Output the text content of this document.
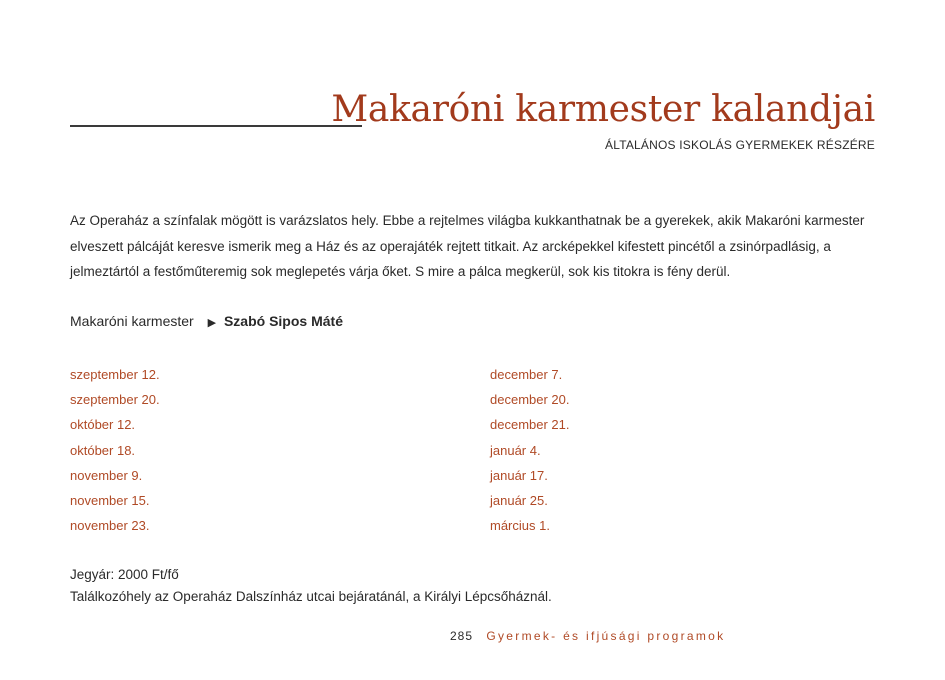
Makaróni karmester kalandjai
ÁLTALÁNOS ISKOLÁS GYERMEKEK RÉSZÉRE

Az Operaház a színfalak mögött is varázslatos hely. Ebbe a rejtelmes világba kukkanthatnak be a gyerekek, akik Makaróni karmester elveszett pálcáját keresve ismerik meg a Ház és az operajáték rejtett titkait. Az arcképekkel kifestett pincétől a zsinórpadlásig, a jelmeztártól a festőműteremig sok meglepetés várja őket. S mire a pálca megkerül, sok kis titokra is fény derül.

Makaróni karmester ▶ Szabó Sipos Máté
szeptember 12.
szeptember 20.
október 12.
október 18.
november 9.
november 15.
november 23.
december 7.
december 20.
december 21.
január 4.
január 17.
január 25.
március 1.
Jegyár: 2000 Ft/fő
Találkozóhely az Operaház Dalszínház utcai bejáratánál, a Királyi Lépcsőháznál.
285 Gyermek- és ifjúsági programok
